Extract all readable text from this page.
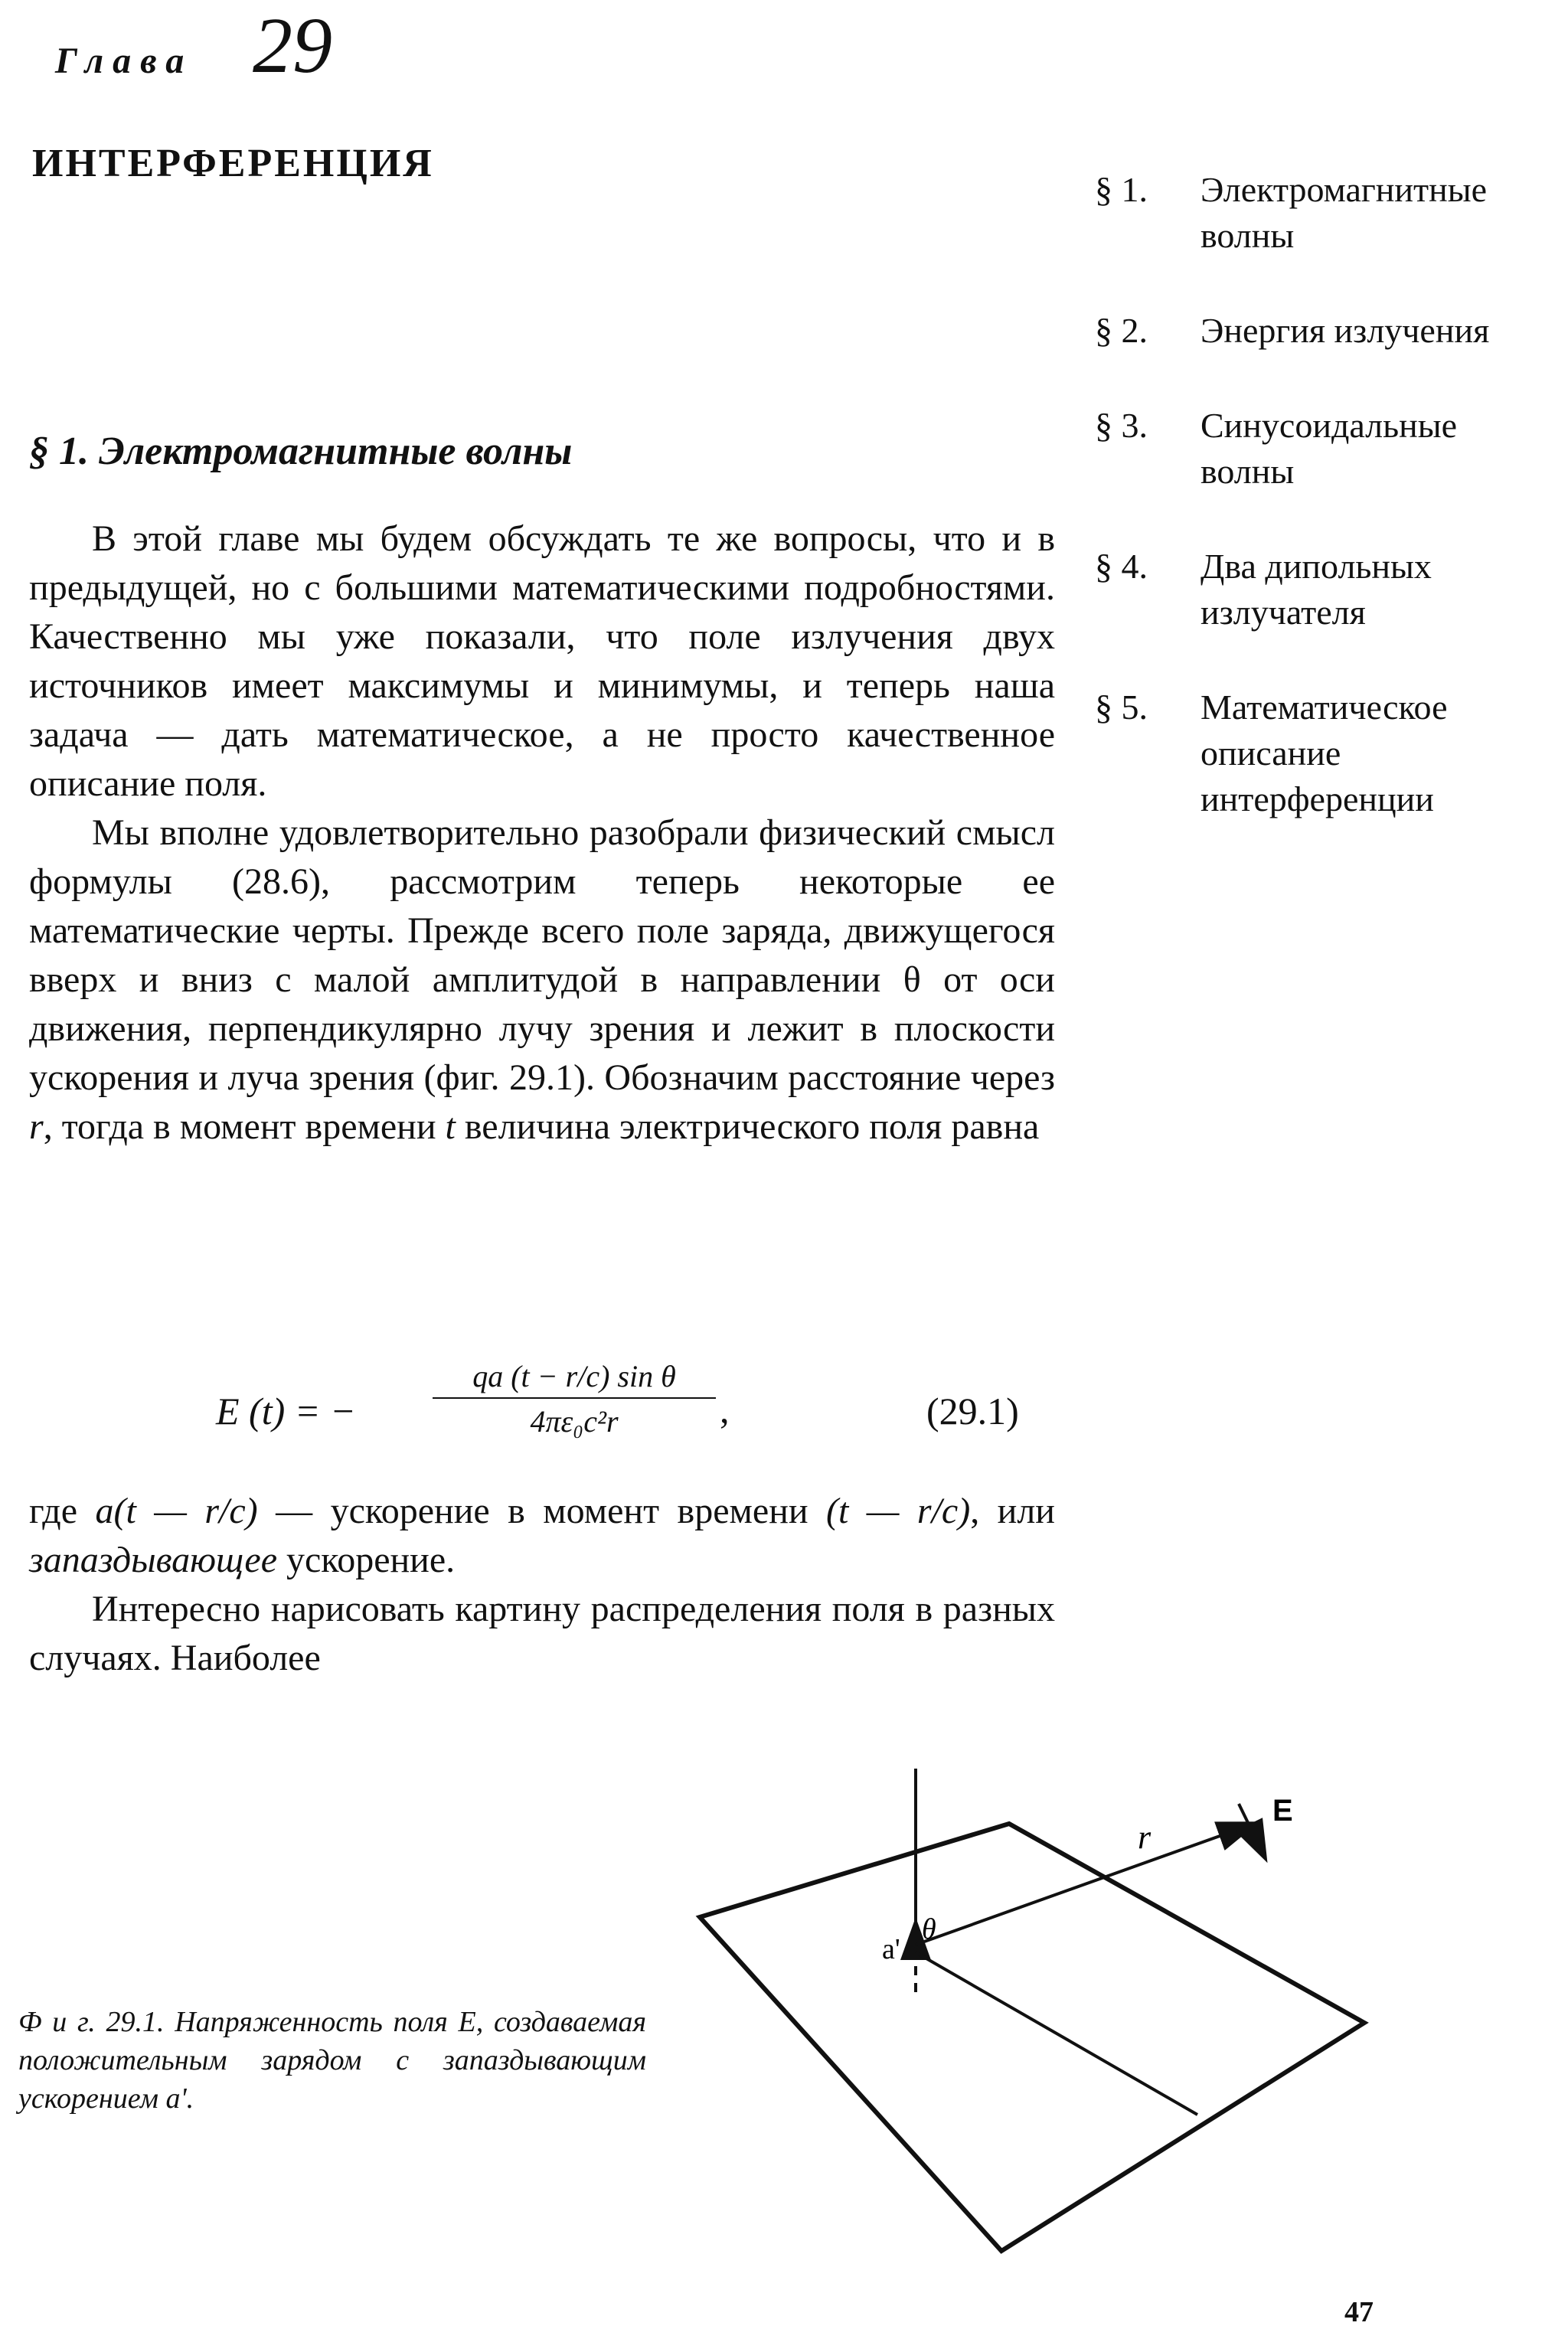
Глава 29
ИНТЕРФЕРЕНЦИЯ
§ 1.	Электромагнитные волны
§ 2.	Энергия излучения
§ 3.	Синусоидальные волны
§ 4.	Два дипольных излучателя
§ 5.	Математическое описание интерференции
§ 1. Электромагнитные волны

В этой главе мы будем обсуждать те же вопросы, что и в предыдущей, но с большими математическими подробностями. Качественно мы уже показали, что поле излучения двух источников имеет максимумы и минимумы, и теперь наша задача — дать математическое, а не просто качественное описание поля.

Мы вполне удовлетворительно разобрали физический смысл формулы (28.6), рассмотрим теперь некоторые ее математические черты. Прежде всего поле заряда, движущегося вверх и вниз с малой амплитудой в направлении θ от оси движения, перпендикулярно лучу зрения и лежит в плоскости ускорения и луча зрения (фиг. 29.1). Обозначим расстояние через r, тогда в момент времени t величина электрического поля равна

E (t) = −	$\frac{\text{qa (t − r/c) sin θ}}{\text{4πε₀c²r}}$ ,	(29.1)

где a(t — r/c) — ускорение в момент времени (t — r/c), или запаздывающее ускорение.

Интересно нарисовать картину распределения поля в разных случаях. Наиболее

Ф и г. 29.1. Напряженность поля E, создаваемая положительным зарядом с запаздывающим ускорением a'.
E
r
a'
θ
47
